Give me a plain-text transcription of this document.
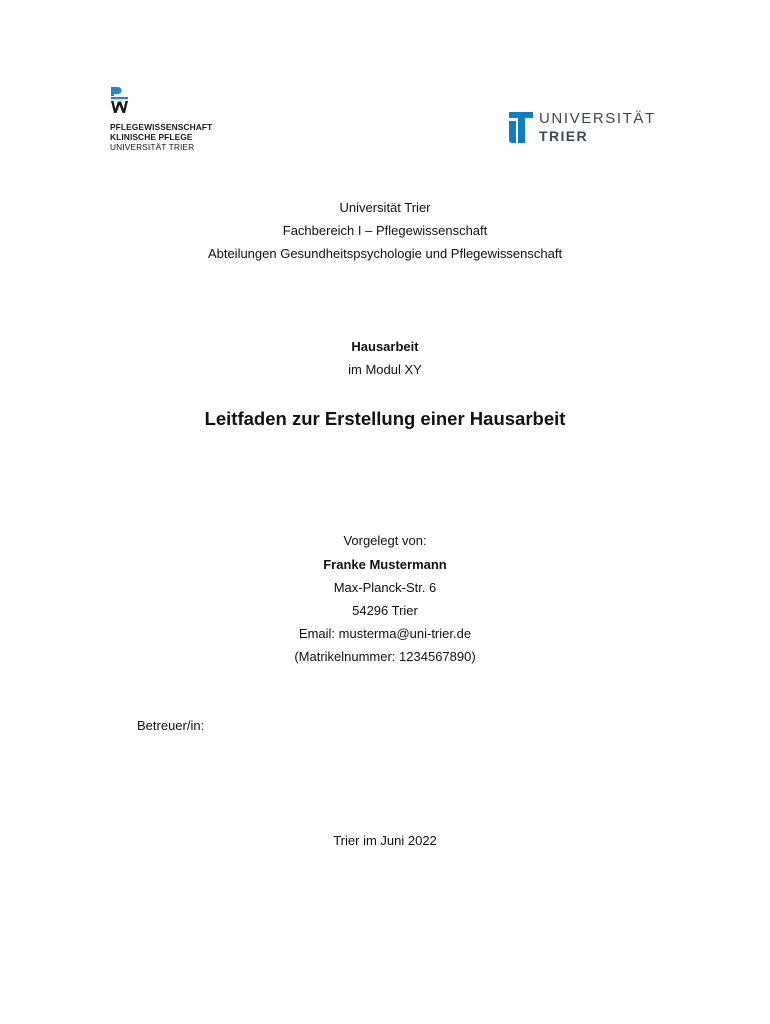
PFLEGEWISSENSCHAFT
KLINISCHE PFLEGE
UNIVERSITÄT TRIER
UNIVERSITÄT
TRIER
Universität Trier
Fachbereich I – Pflegewissenschaft
Abteilungen Gesundheitspsychologie und Pflegewissenschaft
Hausarbeit
im Modul XY
Leitfaden zur Erstellung einer Hausarbeit
Vorgelegt von:
Franke Mustermann
Max-Planck-Str. 6
54296 Trier
Email: musterma@uni-trier.de
(Matrikelnummer: 1234567890)
Betreuer/in:
Trier im Juni 2022
